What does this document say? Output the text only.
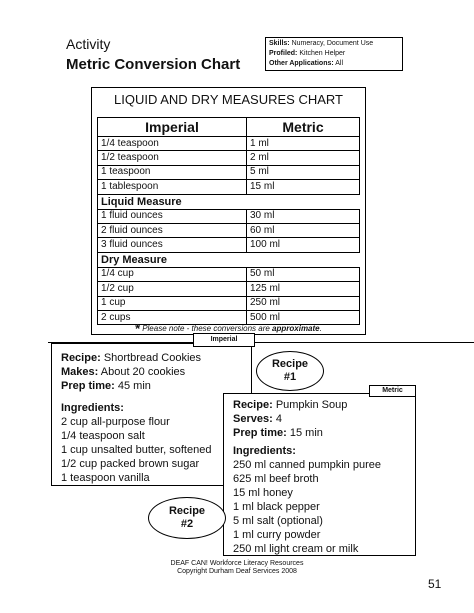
Activity
Metric Conversion Chart
Skills: Numeracy, Document Use
Profiled: Kitchen Helper
Other Applications: All
LIQUID AND DRY MEASURES CHART
Imperial	Metric
1/4 teaspoon	1 ml
1/2 teaspoon	2 ml
1 teaspoon	5 ml
1 tablespoon	15 ml
Liquid Measure	
1 fluid ounces	30 ml
2 fluid ounces	60 ml
3 fluid ounces	100 ml
Dry Measure	
1/4 cup	50 ml
1/2 cup	125 ml
1 cup	250 ml
2 cups	500 ml
* Please note - these conversions are approximate.
Recipe: Shortbread Cookies
Makes: About 20 cookies
Prep time: 45 min
Ingredients:
2 cup all-purpose flour
1/4 teaspoon salt
1 cup unsalted butter, softened
1/2 cup packed brown sugar
1 teaspoon vanilla
Imperial
Recipe
#1
Recipe: Pumpkin Soup
Serves: 4
Prep time: 15 min
Ingredients:
250 ml canned pumpkin puree
625 ml beef broth
15 ml honey
1 ml black pepper
5 ml salt (optional)
1 ml curry powder
250 ml light cream or milk
Metric
Recipe
#2
DEAF CAN! Workforce Literacy Resources
Copyright Durham Deaf Services 2008
51
